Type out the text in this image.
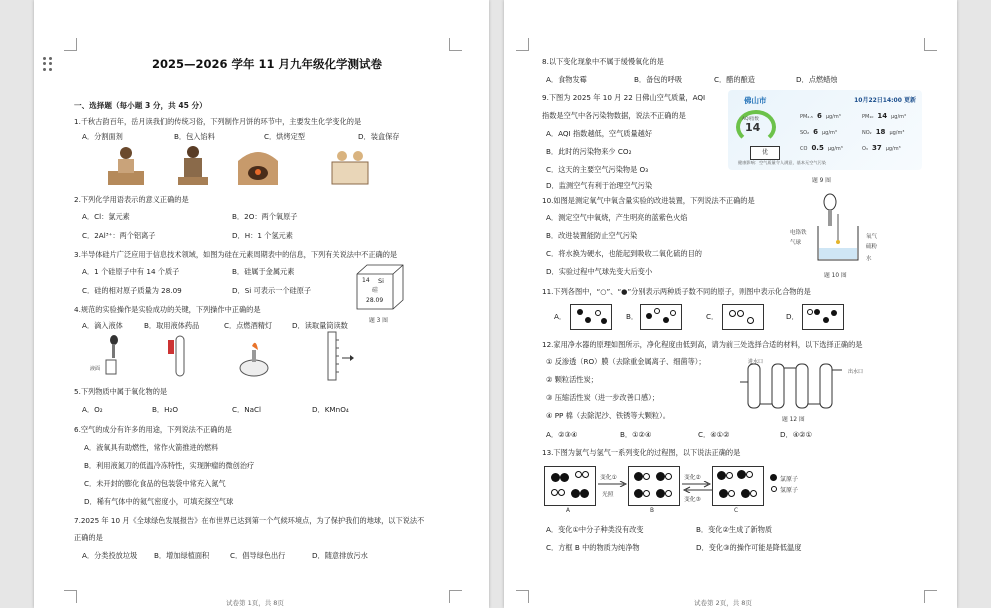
2025—2026 学年 11 月九年级化学测试卷
一、选择题（每小题 3 分，共 45 分）
1.千秋古韵百年，岳月读我们的传统习俗，下列制作月饼的环节中，主要发生化学变化的是
A．分割面剂	B．包入馅料	C．烘烤定型	D．装盒保存
2.下列化学用语表示的意义正确的是
A．Cl：氯元素	B．2O：两个氧原子
C．2Al³⁺：两个铝离子	D．H：1 个氢元素
3.半导体硅片广泛应用于信息技术领域，如图为硅在元素周期表中的信息，下列有关说法中不正确的是
A．1 个硅原子中有 14 个质子	B．硅属于金属元素
C．硅的相对原子质量为 28.09	D．Si 可表示一个硅原子
14 Si
硅
28.09
题 3 图
4.规范的实验操作是实验成功的关键，下列操作中正确的是
A．滴入液体	B．取用液体药品	C．点燃酒精灯	D．读取量筒读数
液面
5.下列物质中属于氧化物的是
A．O₂	B．H₂O	C．NaCl	D．KMnO₄
6.空气的成分有许多的用途，下列说法不正确的是
A．液氧具有助燃性，常作火箭推进的燃料
B．利用液氮刀的低温冷冻特性，实现肿瘤的微创治疗
C．未开封的膨化食品的包装袋中常充入氮气
D．稀有气体中的氦气密度小，可填充探空气球
7.2025 年 10 月《全球绿色发展报告》在布世界已达到第一个气候环境点，为了保护我们的地球，以下说法不
正确的是
A．分类投放垃圾 B．增加绿植面积	C．倡导绿色出行	D．随意排放污水
试卷第 1页，共 8页
8.以下变化现象中不属于缓慢氧化的是
A．食物发霉	B．备包的呼吸	C．醋的酿造	D．点燃蜡烛
9.下图为 2025 年 10 月 22 日佛山空气质量，AQI
指数是空气中各污染物数据，说法不正确的是
A．AQI 指数越低，空气质量越好
B．此时的污染物来少 CO₂
C．这天的主要空气污染物是 O₃
D．监测空气有利于治理空气污染
佛山市	10月22日14:00 更新
AQI指数
14
优
PM₂.₅ 6 μg/m³	PM₁₀ 14 μg/m³
SO₂ 6 μg/m³	NO₂ 18 μg/m³
CO 0.5 μg/m³	O₃ 37 μg/m³
健康影响：空气质量令人满意，基本无空气污染
题 9 图
10.如图是测定氧气中氧含量实验的改进装置，下列说法不正确的是
A．测定空气中氧烧，产生明亮的蓝紫色火焰
B．改进装置能防止空气污染
C．将水换为硬水，也能起到吸收二氧化硫的目的
D．实验过程中气球先变大后变小
电铬铁
气球
氧气
硫粉
水
题 10 图
11.下列各图中，“○”、“●”分别表示两种质子数不同的原子，则图中表示化合物的是
A．	B．	C．	D．
12.家用净水器的原理如图所示，净化程度由低到高，请为前三处选择合适的材料，以下选择正确的是
① 反渗透（RO）膜（去除重金属离子、细菌等）；
② 颗粒活性炭；
③ 压缩活性炭（进一步改善口感）；
④ PP 棉（去除泥沙、铁锈等大颗粒）。
A．②③④	B．①②④	C．④①②	D．④②①
进水口
出水口
题 12 图
13.下图为氯气与氢气一系列变化的过程图，以下说法正确的是
A
变化①
光照
B
变化②
变化③
C
氯原子
氢原子
A．变化①中分子种类没有改变	B．变化②生成了新物质
C．方框 B 中的物质为纯净物	D．变化③的操作可能是降低温度
试卷第 2页，共 8页
